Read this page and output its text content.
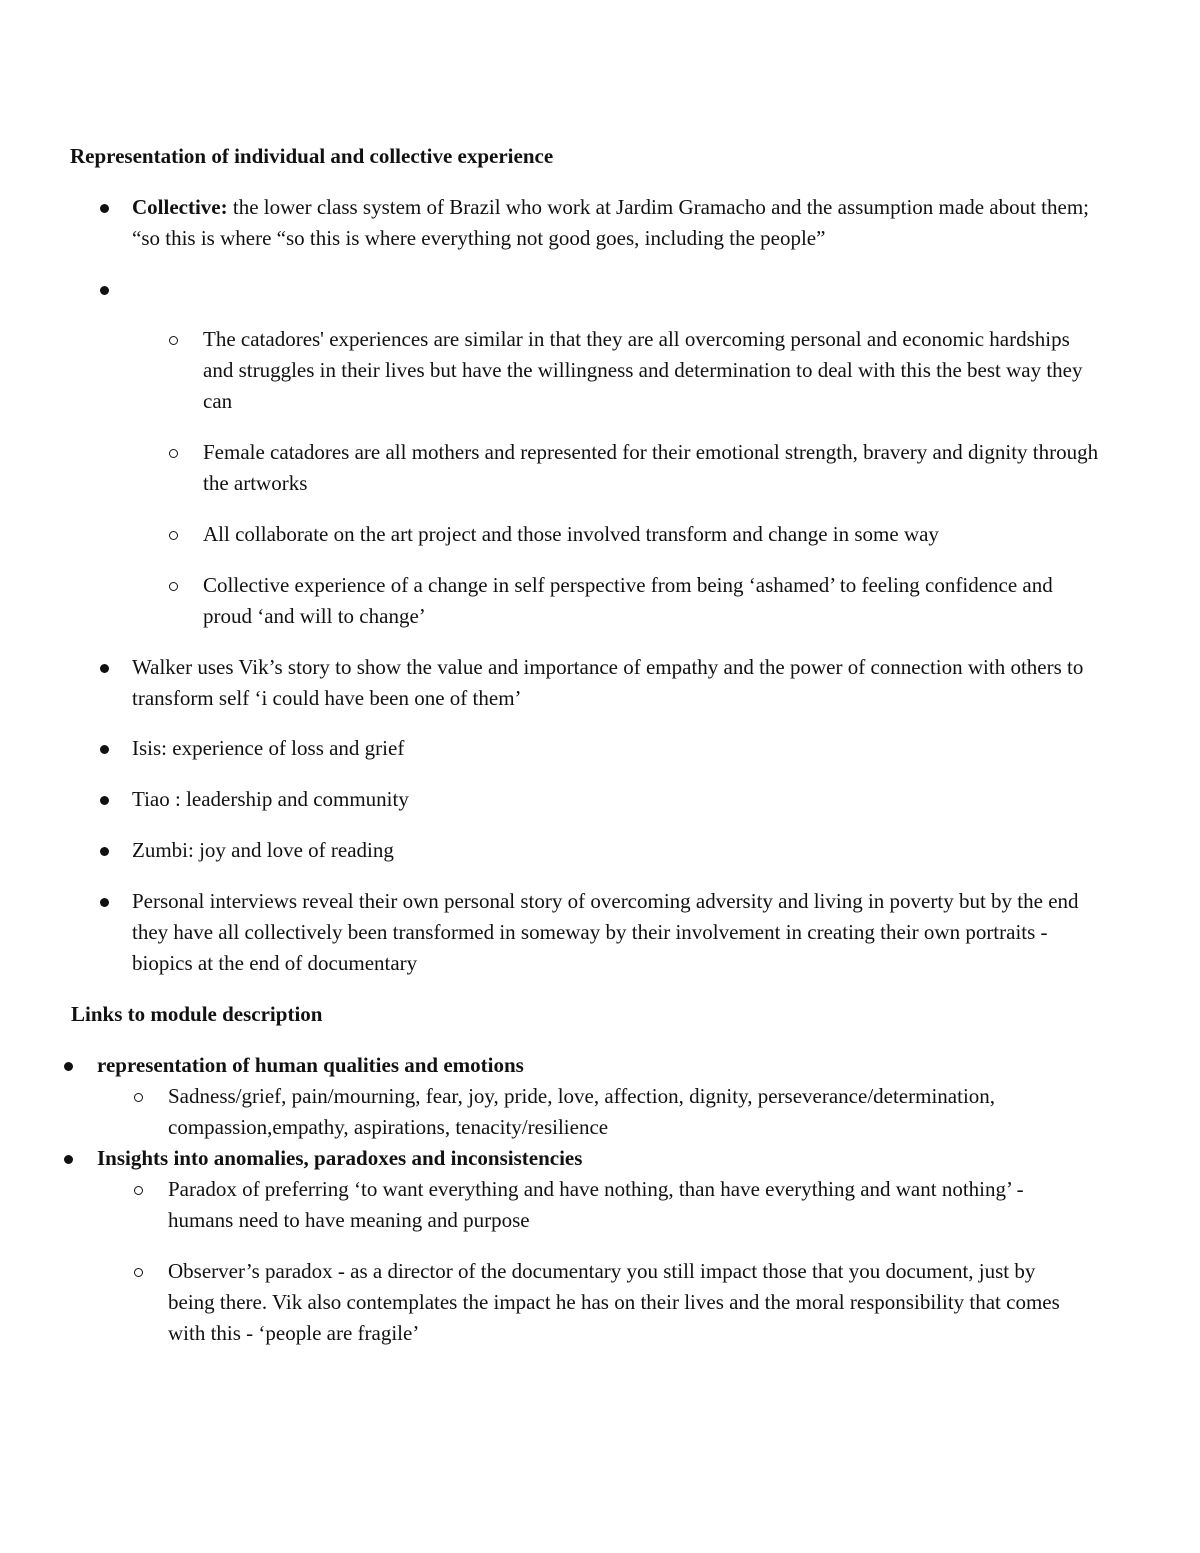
Representation of individual and collective experience
Collective: the lower class system of Brazil who work at Jardim Gramacho and the assumption made about them; “so this is where “so this is where everything not good goes, including the people”
The catadores' experiences are similar in that they are all overcoming personal and economic hardships and struggles in their lives but have the willingness and determination to deal with this the best way they can
Female catadores are all mothers and represented for their emotional strength, bravery and dignity through the artworks
All collaborate on the art project and those involved transform and change in some way
Collective experience of a change in self perspective from being ‘ashamed’ to feeling confidence and proud ‘and will to change’
Walker uses Vik’s story to show the value and importance of empathy and the power of connection with others to transform self ‘i could have been one of them’
Isis: experience of loss and grief
Tiao : leadership and community
Zumbi: joy and love of reading
Personal interviews reveal their own personal story of overcoming adversity and living in poverty but by the end they have all collectively been transformed in someway by their involvement in creating their own portraits - biopics at the end of documentary
Links to module description
representation of human qualities and emotions
Sadness/grief, pain/mourning, fear, joy, pride, love, affection, dignity, perseverance/determination, compassion,empathy, aspirations, tenacity/resilience
Insights into anomalies, paradoxes and inconsistencies
Paradox of preferring ‘to want everything and have nothing, than have everything and want nothing’ - humans need to have meaning and purpose
Observer’s paradox - as a director of the documentary you still impact those that you document, just by being there. Vik also contemplates the impact he has on their lives and the moral responsibility that comes with this - ‘people are fragile’
